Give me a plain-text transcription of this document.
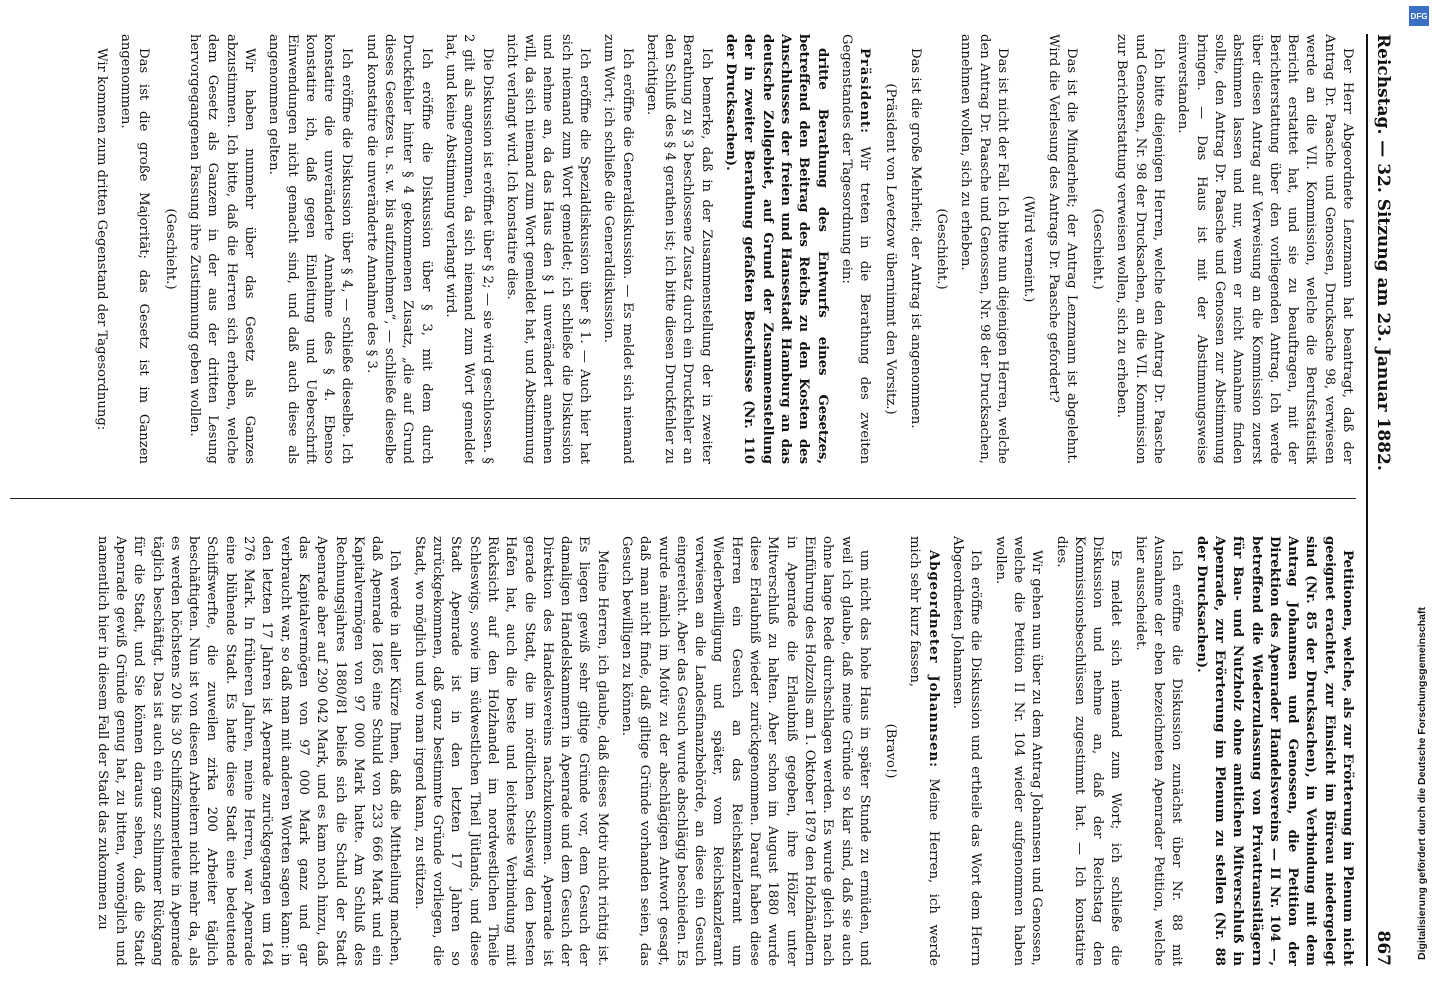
Reichstag. — 32. Sitzung am 23. Januar 1882.
867

Der Herr Abgeordnete Lenzmann hat beantragt, daß der Antrag Dr. Paasche und Genossen, Drucksache 98, verwiesen werde an die VII. Kommission, welche die Berufsstatistik Bericht erstattet hat, und sie zu beauftragen, mit der Berichterstattung über den vorliegenden Antrag. Ich werde über diesen Antrag auf Verweisung an die Kommission zuerst abstimmen lassen und nur, wenn er nicht Annahme finden sollte, den Antrag Dr. Paasche und Genossen zur Abstimmung bringen. — Das Haus ist mit der Abstimmungsweise einverstanden.

Ich bitte diejenigen Herren, welche den Antrag Dr. Paasche und Genossen, Nr. 98 der Drucksachen, an die VII. Kommission zur Berichterstattung verweisen wollen, sich zu erheben.

(Geschieht.)

Das ist die Minderheit; der Antrag Lenzmann ist abgelehnt. Wird die Verlesung des Antrags Dr. Paasche gefordert?

(Wird verneint.)

Das ist nicht der Fall. Ich bitte nun diejenigen Herren, welche den Antrag Dr. Paasche und Genossen, Nr. 98 der Drucksachen, annehmen wollen, sich zu erheben.

(Geschieht.)

Das ist die große Mehrheit; der Antrag ist angenommen.

(Präsident von Levetzow übernimmt den Vorsitz.)

Präsident: Wir treten in die Berathung des zweiten Gegenstandes der Tagesordnung ein:

dritte Berathung des Entwurfs eines Gesetzes, betreffend den Beitrag des Reichs zu den Kosten des Anschlusses der freien und Hansestadt Hamburg an das deutsche Zollgebiet, auf Grund der Zusammenstellung der in zweiter Berathung gefaßten Beschlüsse (Nr. 110 der Drucksachen).

Ich bemerke, daß in der Zusammenstellung der in zweiter Berathung zu § 3 beschlossene Zusatz durch ein Druckfehler an den Schluß des § 4 gerathen ist; ich bitte diesen Druckfehler zu berichtigen.

Ich eröffne die Generaldiskussion. — Es meldet sich niemand zum Wort; ich schließe die Generaldiskussion.

Ich eröffne die Spezialdiskussion über § 1. — Auch hier hat sich niemand zum Wort gemeldet; ich schließe die Diskussion und nehme an, da das Haus den § 1 unverändert annehmen will, da sich niemand zum Wort gemeldet hat, und Abstimmung nicht verlangt wird. Ich konstatire dies.

Die Diskussion ist eröffnet über § 2; — sie wird geschlossen. § 2 gilt als angenommen, da sich niemand zum Wort gemeldet hat, und keine Abstimmung verlangt wird.

Ich eröffne die Diskussion über § 3, mit dem durch Druckfehler hinter § 4 gekommenen Zusatz, „die auf Grund dieses Gesetzes u. s. w. bis aufzunehmen“, — schließe dieselbe und konstatire die unveränderte Annahme des § 3.

Ich eröffne die Diskussion über § 4, — schließe dieselbe. Ich konstatire die unveränderte Annahme des § 4. Ebenso konstatire ich, daß gegen Einleitung und Ueberschrift Einwendungen nicht gemacht sind, und daß auch diese als angenommen gelten.

Wir haben nunmehr über das Gesetz als Ganzes abzustimmen. Ich bitte, daß die Herren sich erheben, welche dem Gesetz als Ganzem in der aus der dritten Lesung hervorgegangenen Fassung ihre Zustimmung geben wollen.

(Geschieht.)

Das ist die große Majorität; das Gesetz ist im Ganzen angenommen.

Wir kommen zum dritten Gegenstand der Tagesordnung:

Petitionen, welche, als zur Erörterung im Plenum nicht geeignet erachtet, zur Einsicht im Büreau niedergelegt sind (Nr. 85 der Drucksachen), in Verbindung mit dem Antrag Johannsen und Genossen, die Petition der Direktion des Apenrader Handelsvereins — II Nr. 104 —, betreffend die Wiederzulassung von Privattransitlägern für Bau- und Nutzholz ohne amtlichen Mitverschluß in Apenrade, zur Erörterung im Plenum zu stellen (Nr. 88 der Drucksachen).

Ich eröffne die Diskussion zunächst über Nr. 88 mit Ausnahme der eben bezeichneten Apenrader Petition, welche hier ausscheidet.

Es meldet sich niemand zum Wort; ich schließe die Diskussion und nehme an, daß der Reichstag den Kommissionsbeschlüssen zugestimmt hat. — Ich konstatire dies.

Wir gehen nun über zu dem Antrag Johannsen und Genossen, welche die Petition II Nr. 104 wieder aufgenommen haben wollen.

Ich eröffne die Diskussion und ertheile das Wort dem Herrn Abgeordneten Johannsen.

Abgeordneter Johannsen: Meine Herren, ich werde mich sehr kurz fassen,

(Bravo!)

um nicht das hohe Haus in später Stunde zu ermüden, und weil ich glaube, daß meine Gründe so klar sind, daß sie auch ohne lange Rede durchschlagen werden. Es wurde gleich nach Einführung des Holzzolls am 1. Oktober 1879 den Holzhändlern in Apenrade die Erlaubniß gegeben, ihre Hölzer unter Mitverschluß zu halten. Aber schon im August 1880 wurde diese Erlaubniß wieder zurückgenommen. Darauf haben diese Herren ein Gesuch an das Reichskanzleramt um Wiederbewilligung und später, vom Reichskanzleramt verwiesen an die Landesfinanzbehörde, an diese ein Gesuch eingereicht. Aber das Gesuch wurde abschlägig beschieden. Es wurde nämlich im Motiv zu der abschlägigen Antwort gesagt, daß man nicht finde, daß giltige Gründe vorhanden seien, das Gesuch bewilligen zu können.

Meine Herren, ich glaube, daß dieses Motiv nicht richtig ist. Es liegen gewiß sehr giltige Gründe vor, dem Gesuch der damaligen Handelskammern in Apenrade und dem Gesuch der Direktion des Handelsvereins nachzukommen. Apenrade ist gerade die Stadt, die im nördlichen Schleswig den besten Hafen hat, auch die beste und leichteste Verbindung mit Rücksicht auf den Holzhandel im nordwestlichen Theile Schleswigs, sowie im südwestlichen Theil Jütlands, und diese Stadt Apenrade ist in den letzten 17 Jahren so zurückgekommen, daß ganz bestimmte Gründe vorliegen, die Stadt, wo möglich und wo man irgend kann, zu stützen.

Ich werde in aller Kürze Ihnen, daß die Mittheilung machen, daß Apenrade 1865 eine Schuld von 233 666 Mark und ein Kapitalvermögen von 97 000 Mark hatte. Am Schluß des Rechnungsjahres 1880/81 beließ sich die Schuld der Stadt Apenrade aber auf 290 042 Mark, und es kam noch hinzu, daß das Kapitalvermögen von 97 000 Mark ganz und gar verbraucht war, so daß man mit anderen Worten sagen kann: in den letzten 17 Jahren ist Apenrade zurückgegangen um 164 276 Mark. In früheren Jahren, meine Herren, war Apenrade eine blühende Stadt. Es hatte diese Stadt eine bedeutende Schiffswerfte, die zuweilen zirka 200 Arbeiter täglich beschäftigten. Nun ist von diesen Arbeitern nicht mehr da, als es werden höchstens 20 bis 30 Schiffszimmerleute in Apenrade täglich beschäftigt. Das ist auch ein ganz schlimmer Rückgang für die Stadt, und Sie können daraus sehen, daß die Stadt Apenrade gewiß Gründe genug hat, zu bitten, womöglich und namentlich hier in diesem Fall der Stadt das zukommen zu

DFG
Digitalisierung gefördert durch die Deutsche Forschungsgemeinschaft
